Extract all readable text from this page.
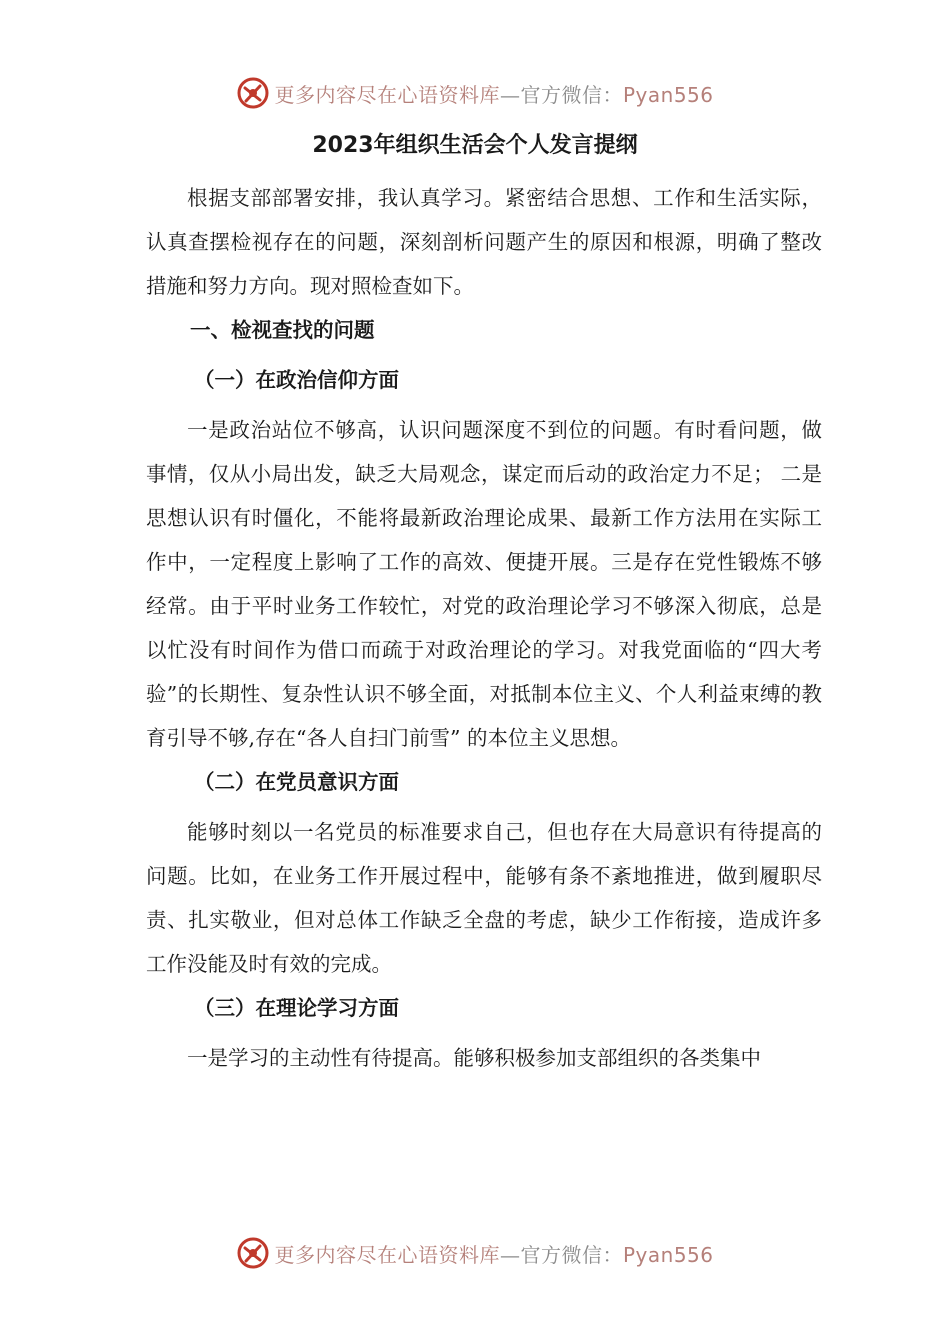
更多内容尽在心语资料库—官方微信：Pyan556
2023年组织生活会个人发言提纲

根据支部部署安排，我认真学习。紧密结合思想、工作和生活实际，认真查摆检视存在的问题，深刻剖析问题产生的原因和根源，明确了整改措施和努力方向。现对照检查如下。

一、检视查找的问题
（一）在政治信仰方面

一是政治站位不够高，认识问题深度不到位的问题。有时看问题，做事情，仅从小局出发，缺乏大局观念，谋定而后动的政治定力不足； 二是思想认识有时僵化，不能将最新政治理论成果、最新工作方法用在实际工作中，一定程度上影响了工作的高效、便捷开展。三是存在党性锻炼不够经常。由于平时业务工作较忙，对党的政治理论学习不够深入彻底，总是以忙没有时间作为借口而疏于对政治理论的学习。对我党面临的“四大考验”的长期性、复杂性认识不够全面，对抵制本位主义、个人利益束缚的教育引导不够,存在“各人自扫门前雪” 的本位主义思想。

（二）在党员意识方面

能够时刻以一名党员的标准要求自己，但也存在大局意识有待提高的问题。比如，在业务工作开展过程中，能够有条不紊地推进，做到履职尽责、扎实敬业，但对总体工作缺乏全盘的考虑，缺少工作衔接，造成许多工作没能及时有效的完成。

（三）在理论学习方面

一是学习的主动性有待提高。能够积极参加支部组织的各类集中

更多内容尽在心语资料库—官方微信：Pyan556
